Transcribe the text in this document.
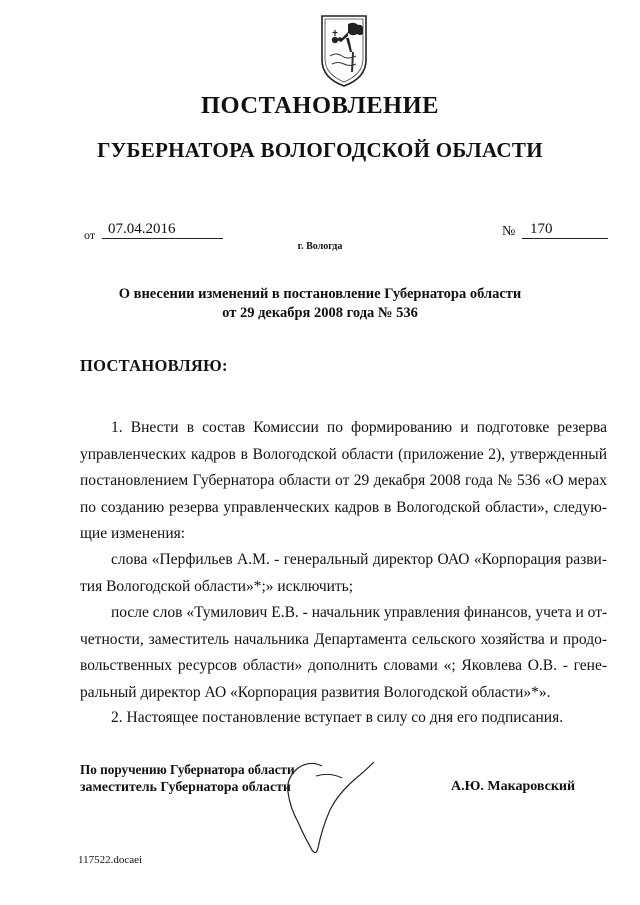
ПОСТАНОВЛЕНИЕ
ГУБЕРНАТОРА ВОЛОГОДСКОЙ ОБЛАСТИ
от 07.04.2016	№ 170
г. Вологда
О внесении изменений в постановление Губернатора области
от 29 декабря 2008 года № 536
ПОСТАНОВЛЯЮ:
1. Внести в состав Комиссии по формированию и подготовке резерва
управленческих кадров в Вологодской области (приложение 2), утвержденный
постановлением Губернатора области от 29 декабря 2008 года № 536 «О мерах
по созданию резерва управленческих кадров в Вологодской области», следую-
щие изменения:
слова «Перфильев А.М. - генеральный директор ОАО «Корпорация разви-
тия Вологодской области»*;» исключить;
после слов «Тумилович Е.В. - начальник управления финансов, учета и от-
четности, заместитель начальника Департамента сельского хозяйства и продо-
вольственных ресурсов области» дополнить словами «; Яковлева О.В. - гене-
ральный директор АО «Корпорация развития Вологодской области»*».
2. Настоящее постановление вступает в силу со дня его подписания.
По поручению Губернатора области
заместитель Губернатора области	А.Ю. Макаровский
117522.docaei
